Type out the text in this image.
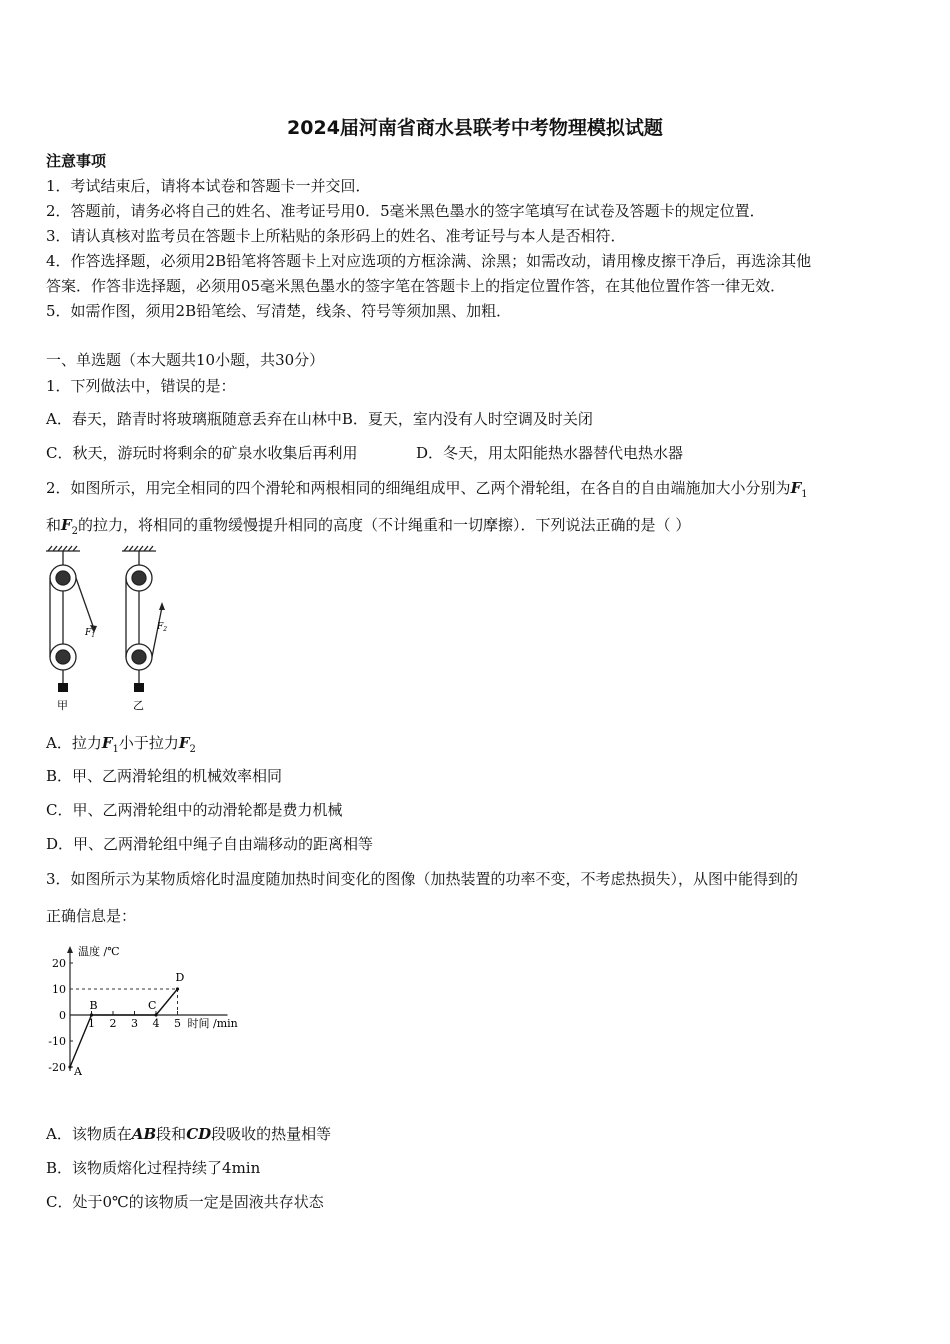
2024届河南省商水县联考中考物理模拟试题
注意事项
1．考试结束后，请将本试卷和答题卡一并交回．
2．答题前，请务必将自己的姓名、准考证号用0．5毫米黑色墨水的签字笔填写在试卷及答题卡的规定位置．
3．请认真核对监考员在答题卡上所粘贴的条形码上的姓名、准考证号与本人是否相符．
4．作答选择题，必须用2B铅笔将答题卡上对应选项的方框涂满、涂黑；如需改动，请用橡皮擦干净后，再选涂其他
答案．作答非选择题，必须用05毫米黑色墨水的签字笔在答题卡上的指定位置作答，在其他位置作答一律无效．
5．如需作图，须用2B铅笔绘、写清楚，线条、符号等须加黑、加粗．
一、单选题（本大题共10小题，共30分）
1．下列做法中，错误的是：
A．春天，踏青时将玻璃瓶随意丢弃在山林中B．夏天，室内没有人时空调及时关闭
C．秋天，游玩时将剩余的矿泉水收集后再利用	D．冬天，用太阳能热水器替代电热水器
2．如图所示，用完全相同的四个滑轮和两根相同的细绳组成甲、乙两个滑轮组，在各自的自由端施加大小分别为$F_1$
和$F_2$的拉力，将相同的重物缓慢提升相同的高度（不计绳重和一切摩擦）．下列说法正确的是（ ）
$F_1$
$F_2$
甲	乙
A．拉力$F_1$小于拉力$F_2$
B．甲、乙两滑轮组的机械效率相同
C．甲、乙两滑轮组中的动滑轮都是费力机械
D．甲、乙两滑轮组中绳子自由端移动的距离相等
3．如图所示为某物质熔化时温度随加热时间变化的图像（加热装置的功率不变，不考虑热损失），从图中能得到的
正确信息是：
20
10
0
-10
-20
1 2 3 4 5
温度 /℃
时间 /min
A
B	C
D
A．该物质在AB段和CD段吸收的热量相等
B．该物质熔化过程持续了4min
C．处于0℃的该物质一定是固液共存状态
